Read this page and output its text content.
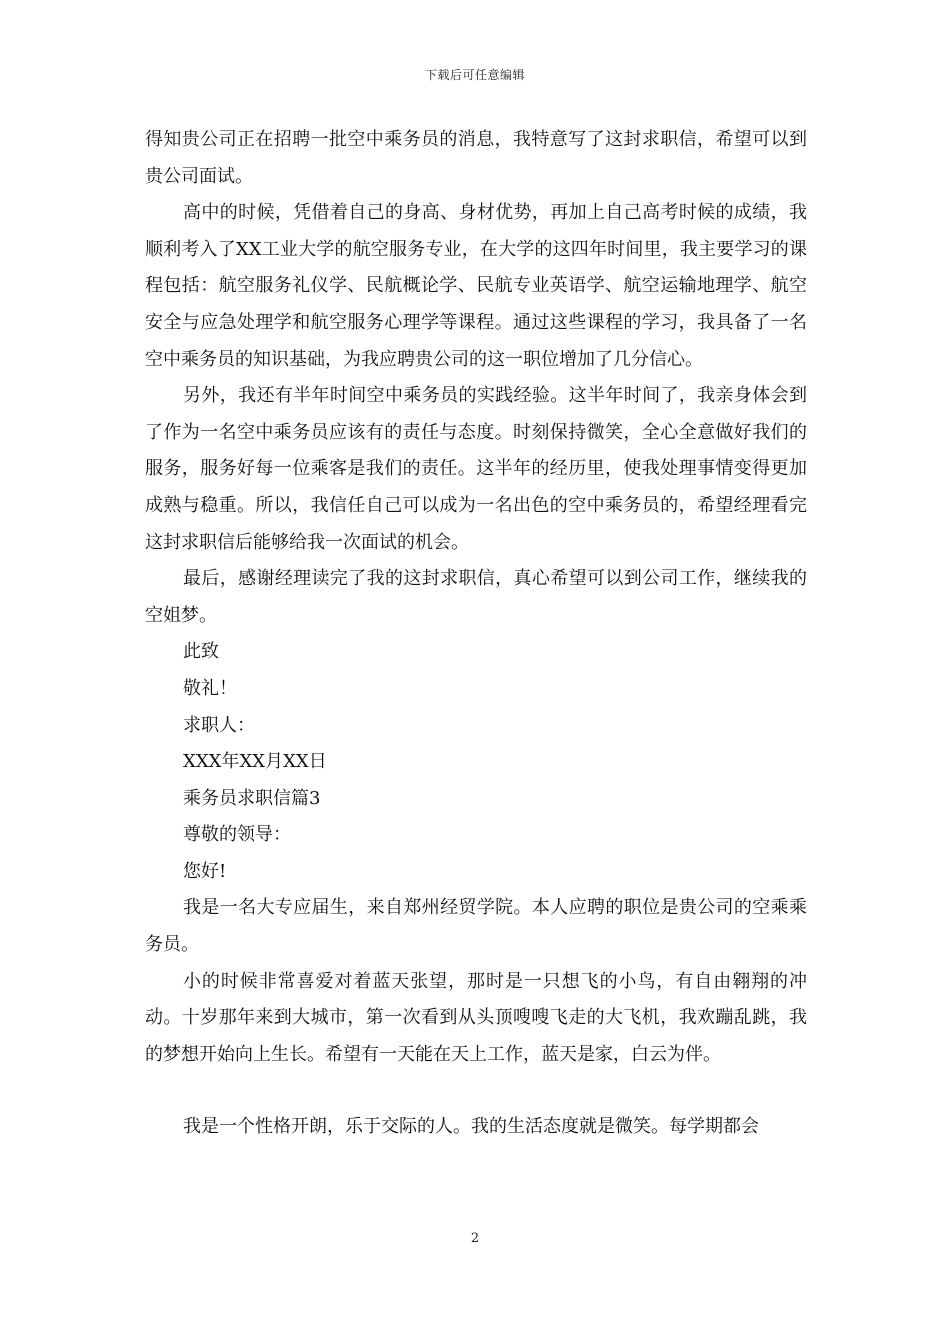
下载后可任意编辑

得知贵公司正在招聘一批空中乘务员的消息，我特意写了这封求职信，希望可以到贵公司面试。

高中的时候，凭借着自己的身高、身材优势，再加上自己高考时候的成绩，我顺利考入了XX工业大学的航空服务专业，在大学的这四年时间里，我主要学习的课程包括：航空服务礼仪学、民航概论学、民航专业英语学、航空运输地理学、航空安全与应急处理学和航空服务心理学等课程。通过这些课程的学习，我具备了一名空中乘务员的知识基础，为我应聘贵公司的这一职位增加了几分信心。

另外，我还有半年时间空中乘务员的实践经验。这半年时间了，我亲身体会到了作为一名空中乘务员应该有的责任与态度。时刻保持微笑，全心全意做好我们的服务，服务好每一位乘客是我们的责任。这半年的经历里，使我处理事情变得更加成熟与稳重。所以，我信任自己可以成为一名出色的空中乘务员的，希望经理看完这封求职信后能够给我一次面试的机会。

最后，感谢经理读完了我的这封求职信，真心希望可以到公司工作，继续我的空姐梦。

此致

敬礼！

求职人：

XXX年XX月XX日

乘务员求职信篇3

尊敬的领导：

您好!

我是一名大专应届生，来自郑州经贸学院。本人应聘的职位是贵公司的空乘乘务员。

小的时候非常喜爱对着蓝天张望，那时是一只想飞的小鸟，有自由翱翔的冲动。十岁那年来到大城市，第一次看到从头顶嗖嗖飞走的大飞机，我欢蹦乱跳，我的梦想开始向上生长。希望有一天能在天上工作，蓝天是家，白云为伴。

我是一个性格开朗，乐于交际的人。我的生活态度就是微笑。每学期都会

2
